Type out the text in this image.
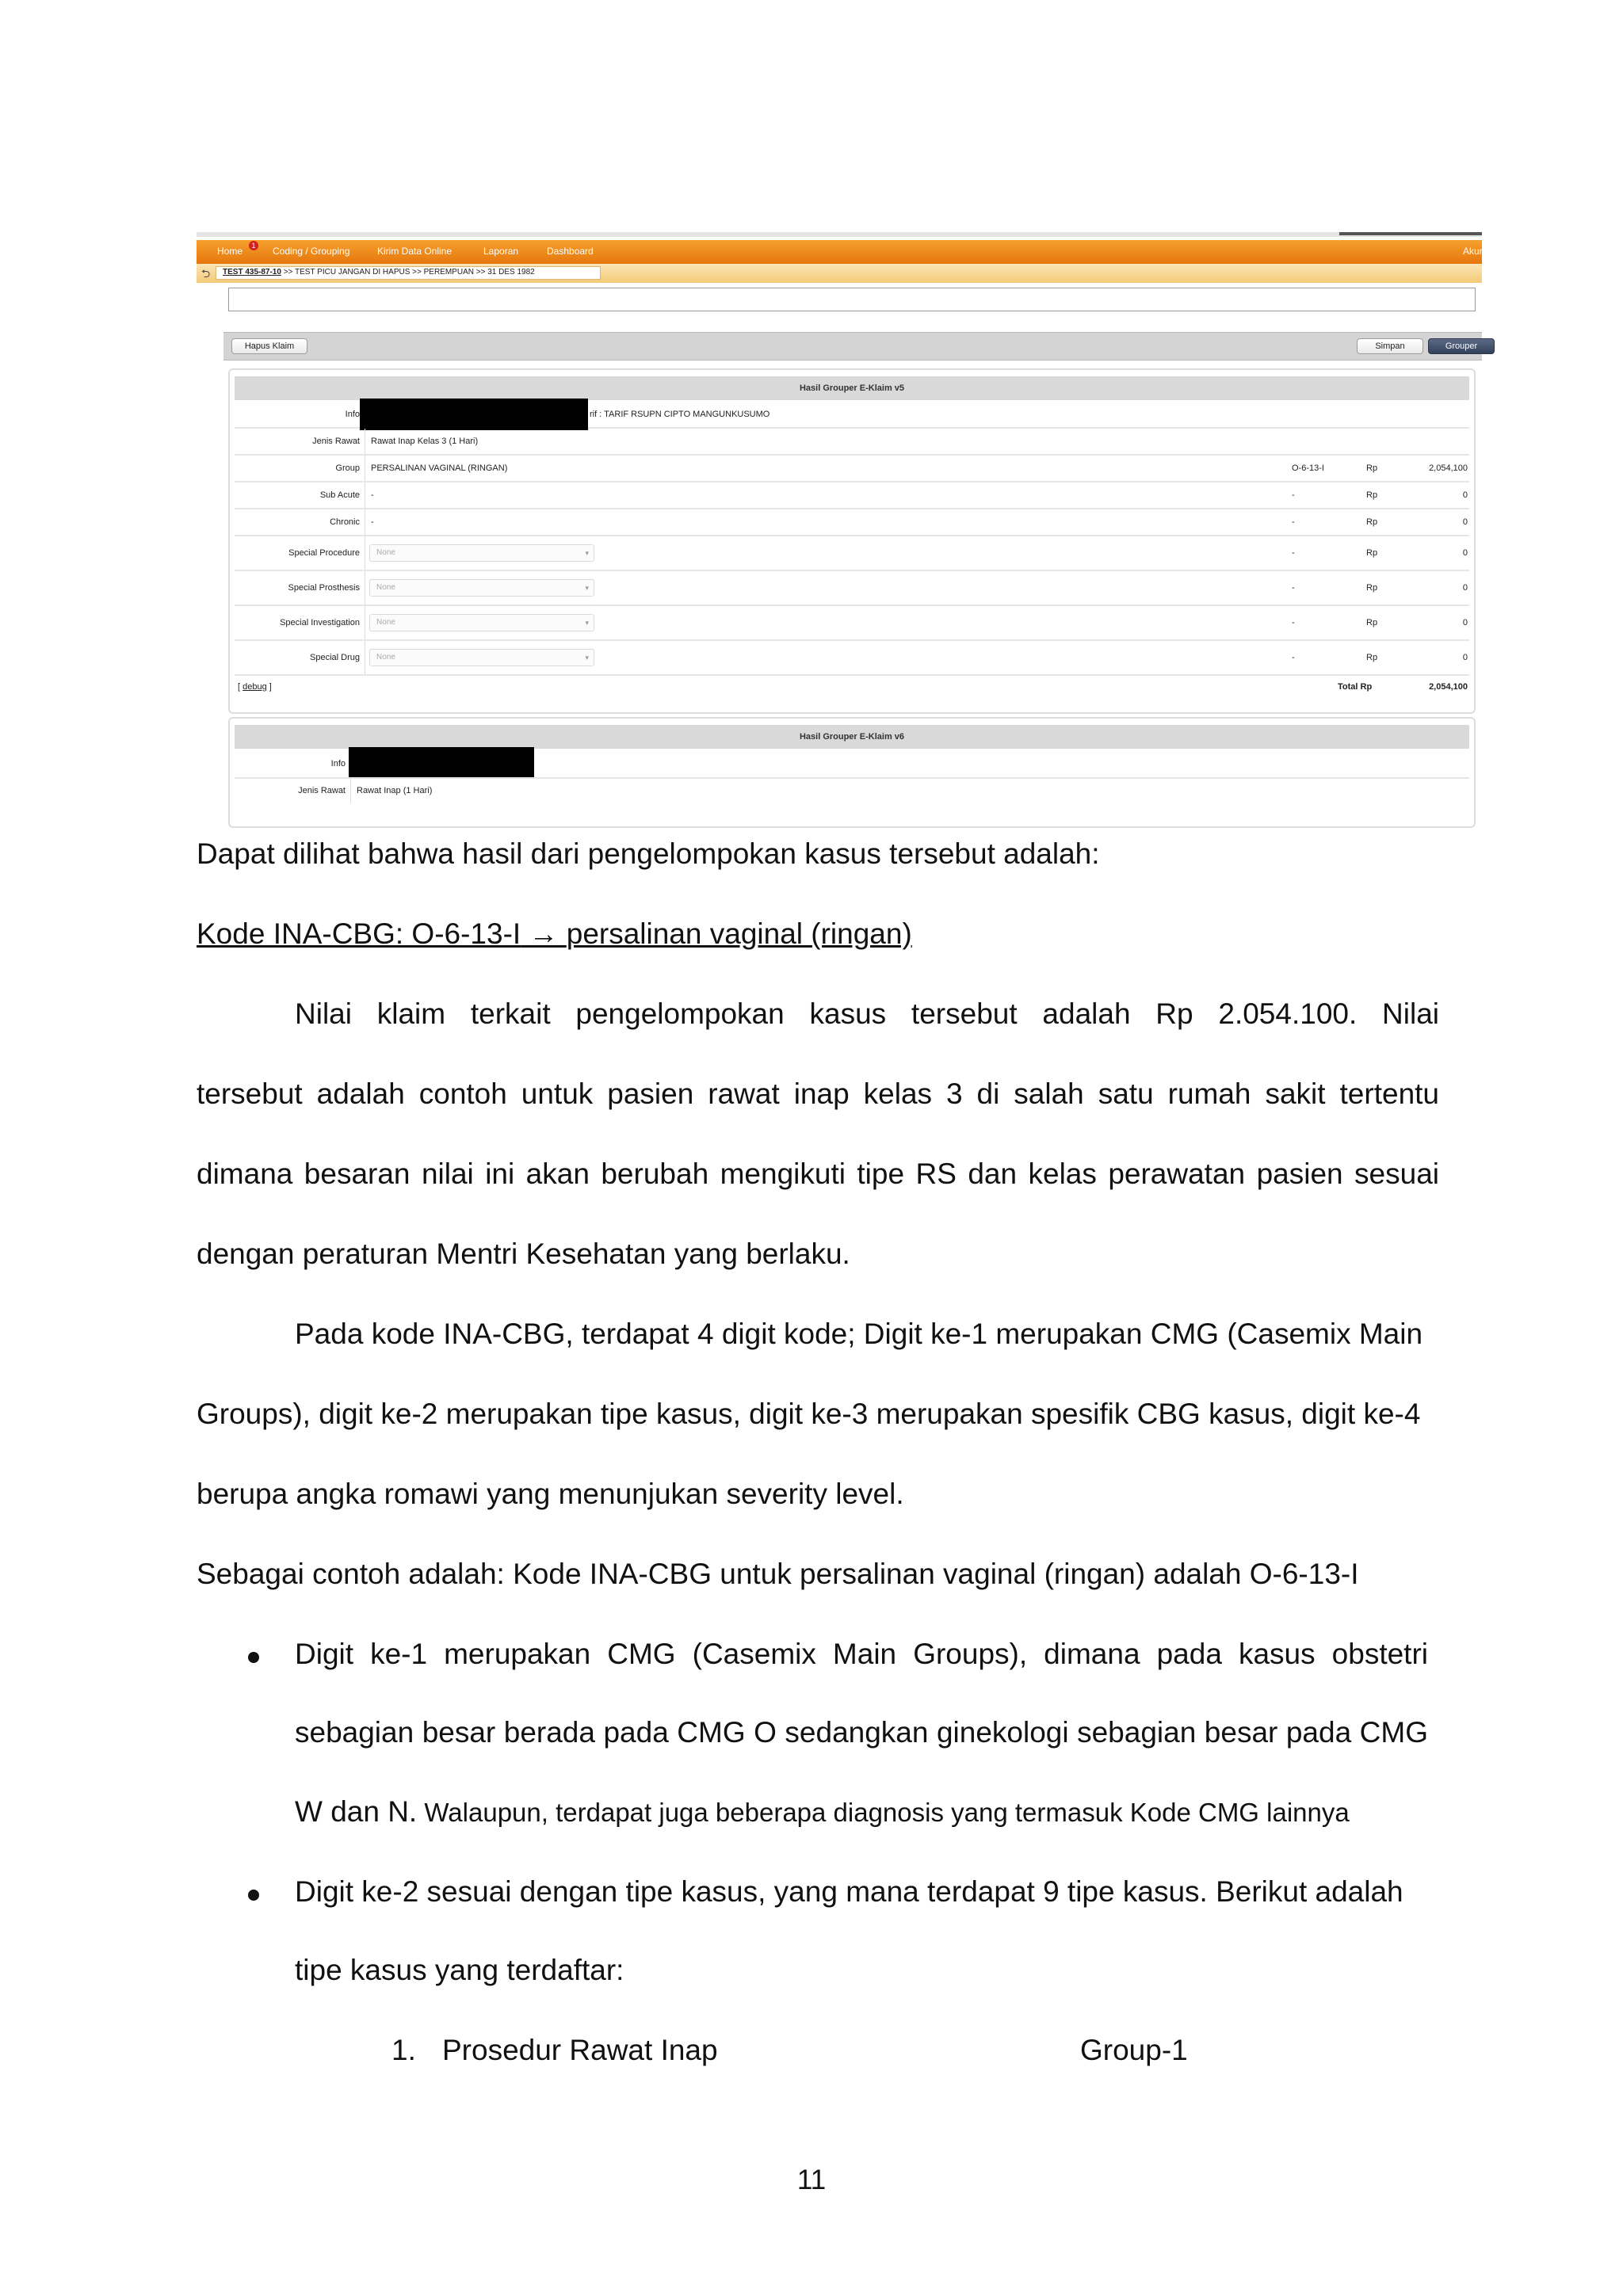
Home	1 Coding / Grouping	Kirim Data Online	Laporan	Dashboard	Akun
⮌	TEST 435-87-10 >> TEST PICU JANGAN DI HAPUS >> PEREMPUAN >> 31 DES 1982
Hapus Klaim	Simpan	Grouper
Hasil Grouper E-Klaim v5
Info	rif : TARIF RSUPN CIPTO MANGUNKUSUMO
Jenis Rawat Rawat Inap Kelas 3 (1 Hari)
Group PERSALINAN VAGINAL (RINGAN)	O-6-13-I	Rp	2,054,100
Sub Acute -	-	Rp	0
Chronic -	-	Rp	0
Special Procedure	None	▾	-	Rp	0
Special Prosthesis	None	▾	-	Rp	0
Special Investigation	None	▾	-	Rp	0
Special Drug	None	▾	-	Rp	0
[ debug ]	Total Rp	2,054,100
Hasil Grouper E-Klaim v6
Info
Jenis Rawat Rawat Inap (1 Hari)
Dapat dilihat bahwa hasil dari pengelompokan kasus tersebut adalah:
Kode INA-CBG: O-6-13-I → persalinan vaginal (ringan)
Nilai klaim terkait pengelompokan kasus tersebut adalah Rp 2.054.100. Nilai
tersebut adalah contoh untuk pasien rawat inap kelas 3 di salah satu rumah sakit tertentu
dimana besaran nilai ini akan berubah mengikuti tipe RS dan kelas perawatan pasien sesuai
dengan peraturan Mentri Kesehatan yang berlaku.
Pada kode INA-CBG, terdapat 4 digit kode; Digit ke-1 merupakan CMG (Casemix Main
Groups), digit ke-2 merupakan tipe kasus, digit ke-3 merupakan spesifik CBG kasus, digit ke-4
berupa angka romawi yang menunjukan severity level.
Sebagai contoh adalah: Kode INA-CBG untuk persalinan vaginal (ringan) adalah O-6-13-I
Digit ke-1 merupakan CMG (Casemix Main Groups), dimana pada kasus obstetri
sebagian besar berada pada CMG O sedangkan ginekologi sebagian besar pada CMG
W dan N. Walaupun, terdapat juga beberapa diagnosis yang termasuk Kode CMG lainnya
Digit ke-2 sesuai dengan tipe kasus, yang mana terdapat 9 tipe kasus. Berikut adalah
tipe kasus yang terdaftar:
1. Prosedur Rawat Inap	Group-1
11
